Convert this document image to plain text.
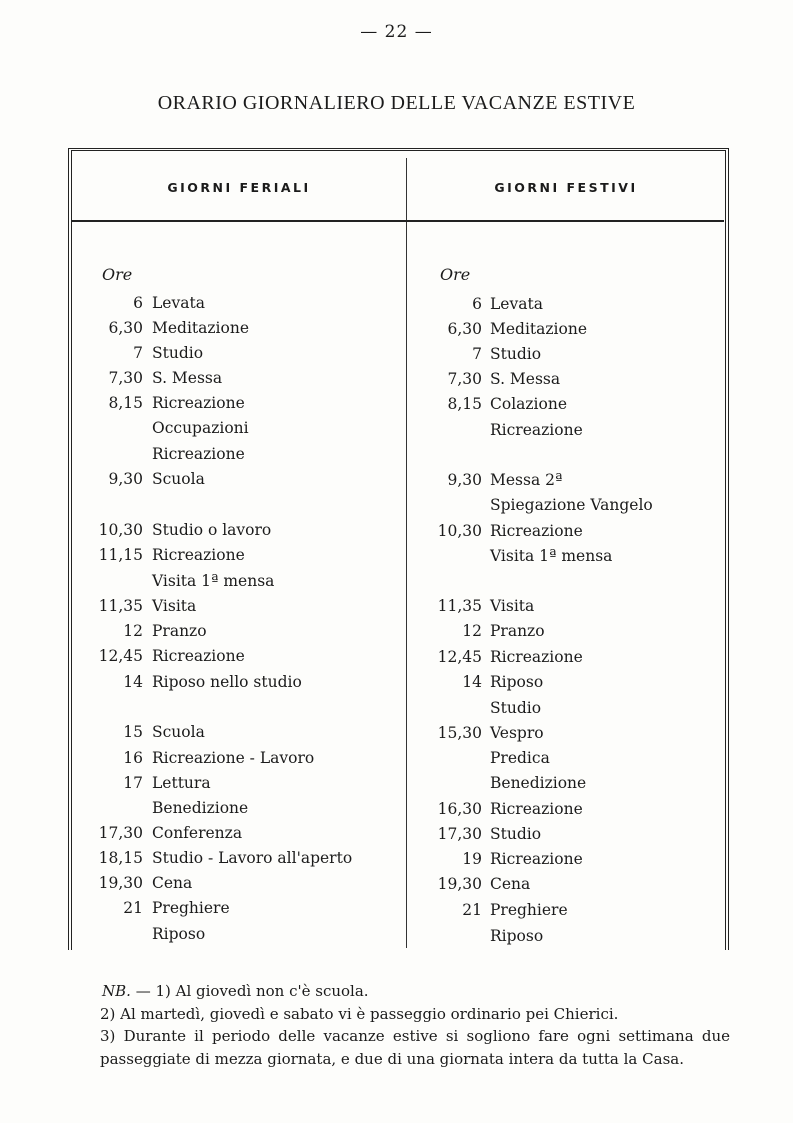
— 22 —
ORARIO GIORNALIERO DELLE VACANZE ESTIVE
GIORNI FERIALI	GIORNI FESTIVI
Ore	Ore
6 Levata
6,30 Meditazione
7 Studio
7,30 S. Messa
8,15 Ricreazione
Occupazioni
Ricreazione
9,30 Scuola
10,30 Studio o lavoro
11,15 Ricreazione
Visita 1ª mensa
11,35 Visita
12 Pranzo
12,45 Ricreazione
14 Riposo nello studio
15 Scuola
16 Ricreazione - Lavoro
17 Lettura
Benedizione
17,30 Conferenza
18,15 Studio - Lavoro all'aperto
19,30 Cena
21 Preghiere
Riposo
6 Levata
6,30 Meditazione
7 Studio
7,30 S. Messa
8,15 Colazione
Ricreazione
9,30 Messa 2ª
Spiegazione Vangelo
10,30 Ricreazione
Visita 1ª mensa
11,35 Visita
12 Pranzo
12,45 Ricreazione
14 Riposo
Studio
15,30 Vespro
Predica
Benedizione
16,30 Ricreazione
17,30 Studio
19 Ricreazione
19,30 Cena
21 Preghiere
Riposo

NB. — 1) Al giovedì non c'è scuola.

2) Al martedì, giovedì e sabato vi è passeggio ordinario pei Chierici.

3) Durante il periodo delle vacanze estive si sogliono fare ogni settimana due passeggiate di mezza giornata, e due di una giornata intera da tutta la Casa.
